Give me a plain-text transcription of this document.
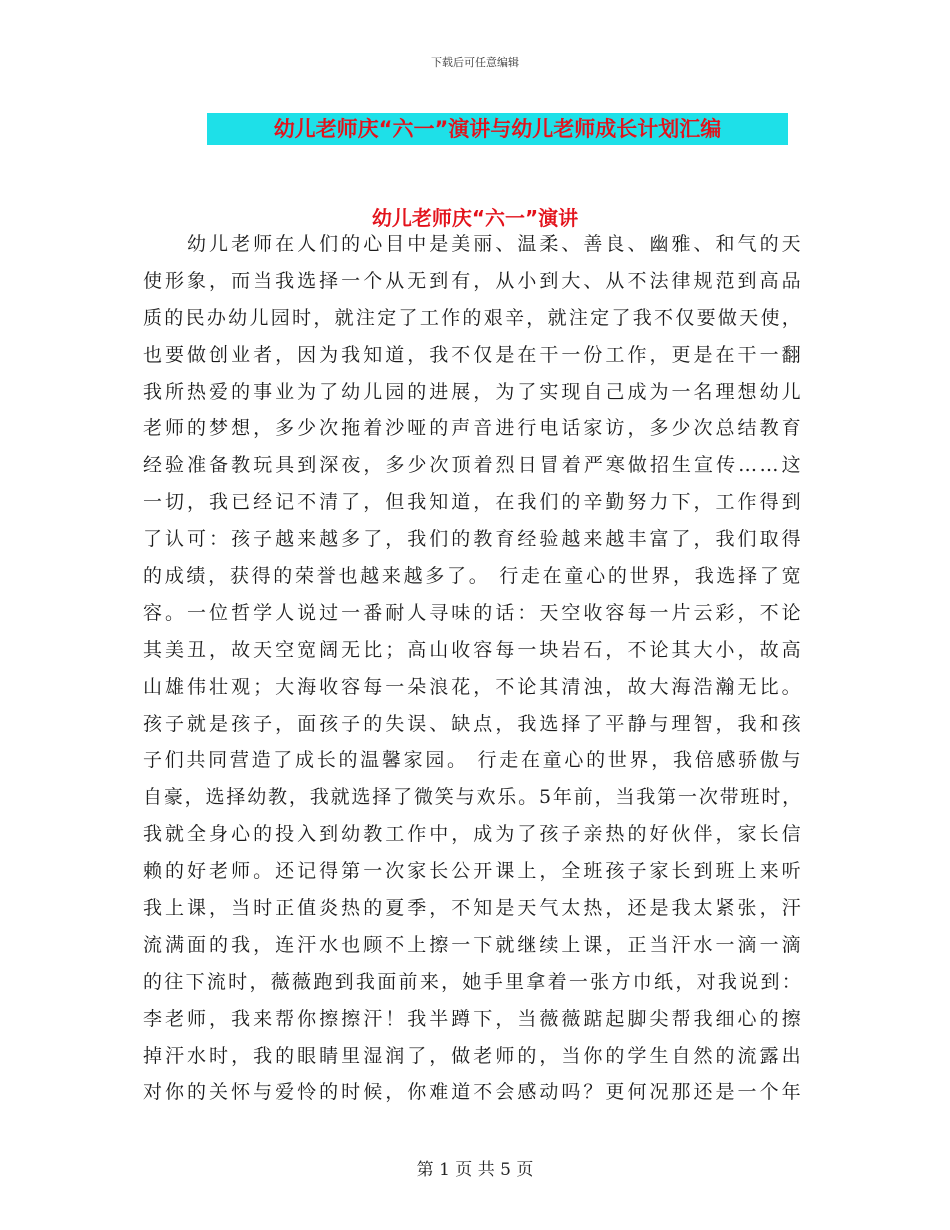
下载后可任意编辑
幼儿老师庆“六一”演讲与幼儿老师成长计划汇编
幼儿老师庆“六一”演讲
　　幼儿老师在人们的心目中是美丽、温柔、善良、幽雅、和气的天
使形象，而当我选择一个从无到有，从小到大、从不法律规范到高品
质的民办幼儿园时，就注定了工作的艰辛，就注定了我不仅要做天使，
也要做创业者，因为我知道，我不仅是在干一份工作，更是在干一翻
我所热爱的事业为了幼儿园的进展，为了实现自己成为一名理想幼儿
老师的梦想，多少次拖着沙哑的声音进行电话家访，多少次总结教育
经验准备教玩具到深夜，多少次顶着烈日冒着严寒做招生宣传……这
一切，我已经记不清了，但我知道，在我们的辛勤努力下，工作得到
了认可：孩子越来越多了，我们的教育经验越来越丰富了，我们取得
的成绩，获得的荣誉也越来越多了。 行走在童心的世界，我选择了宽
容。一位哲学人说过一番耐人寻味的话：天空收容每一片云彩，不论
其美丑，故天空宽阔无比；高山收容每一块岩石，不论其大小，故高
山雄伟壮观；大海收容每一朵浪花，不论其清浊，故大海浩瀚无比。
孩子就是孩子，面孩子的失误、缺点，我选择了平静与理智，我和孩
子们共同营造了成长的温馨家园。 行走在童心的世界，我倍感骄傲与
自豪，选择幼教，我就选择了微笑与欢乐。5年前，当我第一次带班时，
我就全身心的投入到幼教工作中，成为了孩子亲热的好伙伴，家长信
赖的好老师。还记得第一次家长公开课上，全班孩子家长到班上来听
我上课，当时正值炎热的夏季，不知是天气太热，还是我太紧张，汗
流满面的我，连汗水也顾不上擦一下就继续上课，正当汗水一滴一滴
的往下流时，薇薇跑到我面前来，她手里拿着一张方巾纸，对我说到：
李老师，我来帮你擦擦汗！我半蹲下，当薇薇踮起脚尖帮我细心的擦
掉汗水时，我的眼睛里湿润了，做老师的，当你的学生自然的流露出
对你的关怀与爱怜的时候，你难道不会感动吗？更何况那还是一个年
第 1 页 共 5 页
